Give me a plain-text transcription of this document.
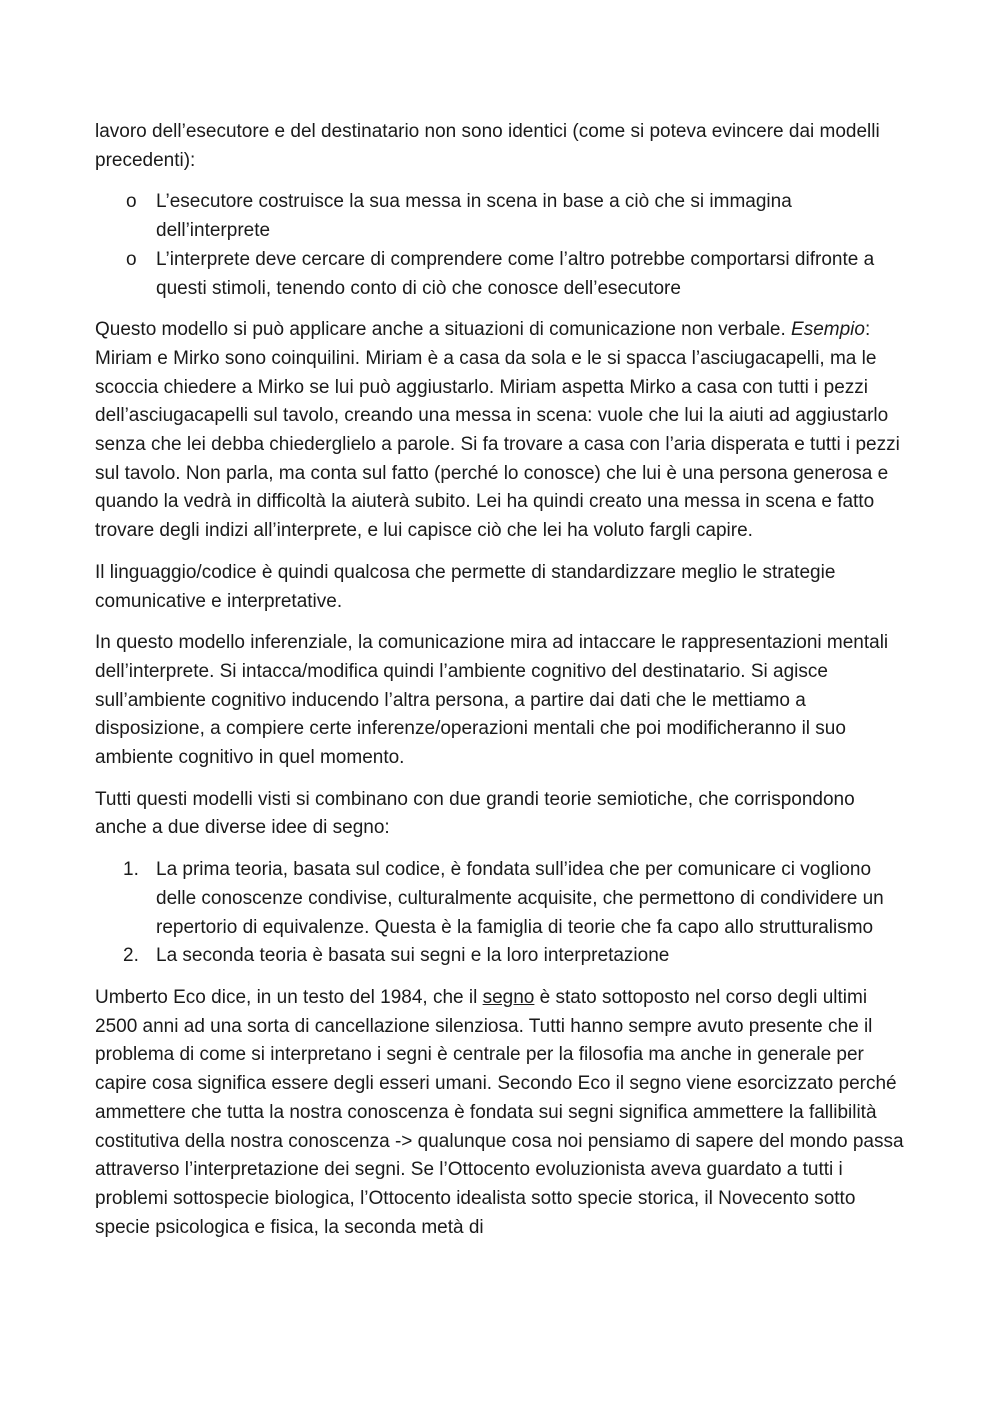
lavoro dell’esecutore e del destinatario non sono identici (come si poteva evincere dai modelli precedenti):

o L’esecutore costruisce la sua messa in scena in base a ciò che si immagina dell’interprete
o L’interprete deve cercare di comprendere come l’altro potrebbe comportarsi difronte a questi stimoli, tenendo conto di ciò che conosce dell’esecutore

Questo modello si può applicare anche a situazioni di comunicazione non verbale. Esempio: Miriam e Mirko sono coinquilini. Miriam è a casa da sola e le si spacca l’asciugacapelli, ma le scoccia chiedere a Mirko se lui può aggiustarlo. Miriam aspetta Mirko a casa con tutti i pezzi dell’asciugacapelli sul tavolo, creando una messa in scena: vuole che lui la aiuti ad aggiustarlo senza che lei debba chiederglielo a parole. Si fa trovare a casa con l’aria disperata e tutti i pezzi sul tavolo. Non parla, ma conta sul fatto (perché lo conosce) che lui è una persona generosa e quando la vedrà in difficoltà la aiuterà subito. Lei ha quindi creato una messa in scena e fatto trovare degli indizi all’interprete, e lui capisce ciò che lei ha voluto fargli capire.

Il linguaggio/codice è quindi qualcosa che permette di standardizzare meglio le strategie comunicative e interpretative.

In questo modello inferenziale, la comunicazione mira ad intaccare le rappresentazioni mentali dell’interprete. Si intacca/modifica quindi l’ambiente cognitivo del destinatario. Si agisce sull’ambiente cognitivo inducendo l’altra persona, a partire dai dati che le mettiamo a disposizione, a compiere certe inferenze/operazioni mentali che poi modificheranno il suo ambiente cognitivo in quel momento.

Tutti questi modelli visti si combinano con due grandi teorie semiotiche, che corrispondono anche a due diverse idee di segno:

1. La prima teoria, basata sul codice, è fondata sull’idea che per comunicare ci vogliono delle conoscenze condivise, culturalmente acquisite, che permettono di condividere un repertorio di equivalenze. Questa è la famiglia di teorie che fa capo allo strutturalismo
2. La seconda teoria è basata sui segni e la loro interpretazione

Umberto Eco dice, in un testo del 1984, che il segno è stato sottoposto nel corso degli ultimi 2500 anni ad una sorta di cancellazione silenziosa. Tutti hanno sempre avuto presente che il problema di come si interpretano i segni è centrale per la filosofia ma anche in generale per capire cosa significa essere degli esseri umani. Secondo Eco il segno viene esorcizzato perché ammettere che tutta la nostra conoscenza è fondata sui segni significa ammettere la fallibilità costitutiva della nostra conoscenza -> qualunque cosa noi pensiamo di sapere del mondo passa attraverso l’interpretazione dei segni. Se l’Ottocento evoluzionista aveva guardato a tutti i problemi sottospecie biologica, l’Ottocento idealista sotto specie storica, il Novecento sotto specie psicologica e fisica, la seconda metà di
